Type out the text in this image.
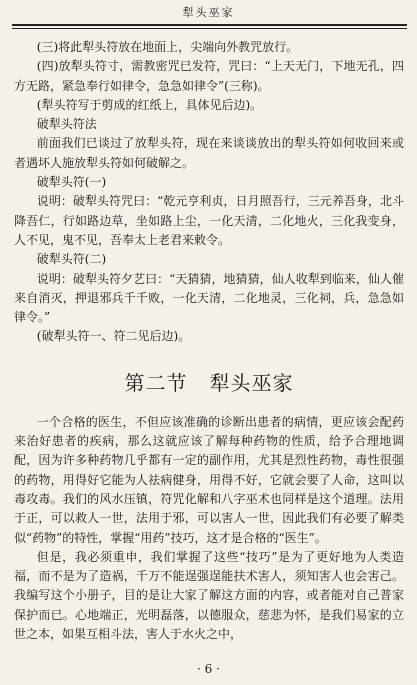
犁头巫家

(三)将此犁头符放在地面上，尖端向外教咒放行。

(四)放犁头符寸，需教密咒已发符，咒曰：“上天无门，下地无孔，四方无路，紧急奉行如律令，急急如律令”(三称)。

(犁头符写于剪成的红纸上，具体见后边)。

破犁头符法

前面我们已谈过了放犁头符，现在来谈谈放出的犁头符如何收回来或者遇坏人施放犁头符如何破解之。

破犁头符(一)

说明：破犁头符咒曰：“乾元亨利贞，日月照吾行，三元养吾身，北斗降吾仁，行如路边草，坐如路上尘，一化天清，二化地火，三化我变身，人不见，鬼不见，吾奉太上老君来敕令。

破犁头符(二)

说明：破犁头符夕艺曰：“天猜猜，地猜猜，仙人收犁到临来，仙人催来自消灭，押退邪兵千千败，一化天清，二化地灵，三化祠，兵，急急如律令。”

(破犁头符一、符二见后边)。

第二节 犁头巫家

一个合格的医生，不但应该准确的诊断出患者的病情，更应该会配药来治好患者的疾病，那么这就应该了解每种药物的性质，给予合理地调配，因为许多种药物几乎都有一定的副作用，尤其是烈性药物，毒性很强的药物，用得好它能为人祛病健身，用得不好，它就会要了人命，这叫以毒攻毒。我们的风水压镇，符咒化解和八字巫术也同样是这个道理。法用于正，可以救人一世，法用于邪，可以害人一世，因此我们有必要了解类似“药物”的特性，掌握“用药”技巧，这才是合格的“医生”。

但是，我必须重申，我们掌握了这些“技巧”是为了更好地为人类造福，而不是为了造祸，千万不能逞强逞能扶术害人，须知害人也会害己。我编写这个小册子，目的是让大家了解这方面的内容，或者能对自己普家保护而已。心地端正，光明磊落，以德服众，慈悲为怀，是我们易家的立世之本，如果互相斗法，害人于水火之中，

· 6 ·
